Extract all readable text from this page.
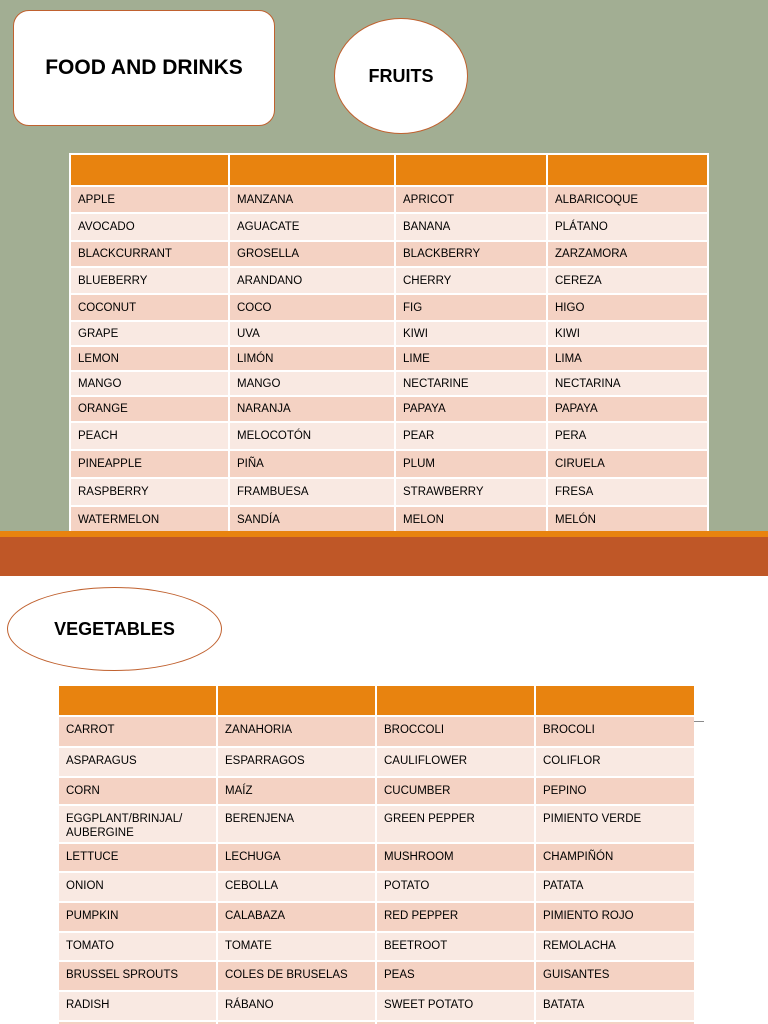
FOOD AND DRINKS	FRUITS

APPLE	MANZANA	APRICOT	ALBARICOQUE
AVOCADO	AGUACATE	BANANA	PLÁTANO
BLACKCURRANT	GROSELLA	BLACKBERRY	ZARZAMORA
BLUEBERRY	ARANDANO	CHERRY	CEREZA
COCONUT	COCO	FIG	HIGO
GRAPE	UVA	KIWI	KIWI
LEMON	LIMÓN	LIME	LIMA
MANGO	MANGO	NECTARINE	NECTARINA
ORANGE	NARANJA	PAPAYA	PAPAYA
PEACH	MELOCOTÓN	PEAR	PERA
PINEAPPLE	PIÑA	PLUM	CIRUELA
RASPBERRY	FRAMBUESA	STRAWBERRY	FRESA
WATERMELON	SANDÍA	MELON	MELÓN
VEGETABLES

CARROT	ZANAHORIA	BROCCOLI	BROCOLI
ASPARAGUS	ESPARRAGOS	CAULIFLOWER	COLIFLOR
CORN	MAÍZ	CUCUMBER	PEPINO
EGGPLANT/BRINJAL/ AUBERGINE	BERENJENA	GREEN PEPPER	PIMIENTO VERDE
LETTUCE	LECHUGA	MUSHROOM	CHAMPIÑÓN
ONION	CEBOLLA	POTATO	PATATA
PUMPKIN	CALABAZA	RED PEPPER	PIMIENTO ROJO
TOMATO	TOMATE	BEETROOT	REMOLACHA
BRUSSEL SPROUTS	COLES DE BRUSELAS	PEAS	GUISANTES
RADISH	RÁBANO	SWEET POTATO	BATATA
